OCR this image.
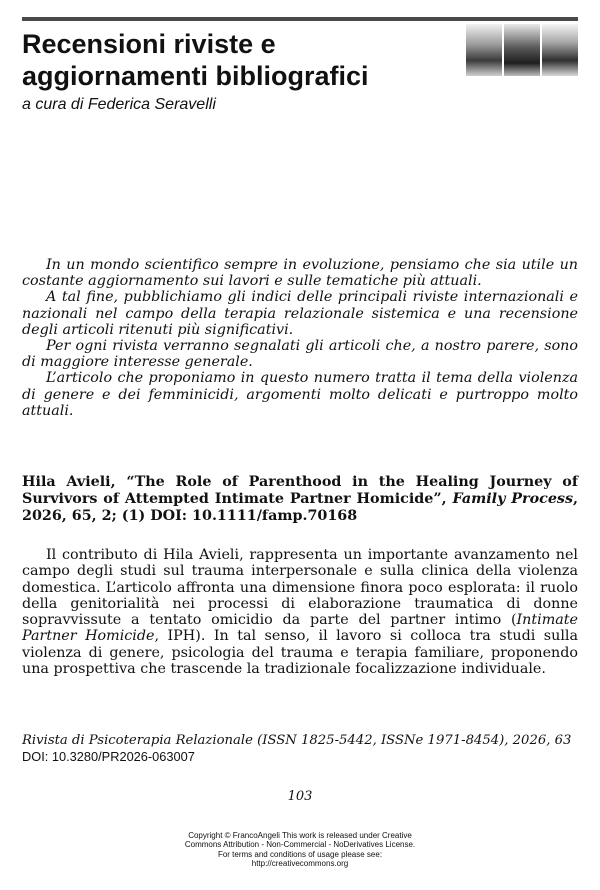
Recensioni riviste e
aggiornamenti bibliografici
a cura di Federica Seravelli

In un mondo scientifico sempre in evoluzione, pensiamo che sia utile un costante aggiornamento sui lavori e sulle tematiche più attuali.

A tal fine, pubblichiamo gli indici delle principali riviste internazionali e nazionali nel campo della terapia relazionale sistemica e una recensione degli articoli ritenuti più significativi.

Per ogni rivista verranno segnalati gli articoli che, a nostro parere, sono di maggiore interesse generale.

L’articolo che proponiamo in questo numero tratta il tema della violenza di genere e dei femminicidi, argomenti molto delicati e purtroppo molto attuali.

Hila Avieli, “The Role of Parenthood in the Healing Journey of Survivors of Attempted Intimate Partner Homicide”, Family Process, 2026, 65, 2; (1) DOI: 10.1111/famp.70168

Il contributo di Hila Avieli, rappresenta un importante avanzamento nel campo degli studi sul trauma interpersonale e sulla clinica della violenza domestica. L’articolo affronta una dimensione finora poco esplorata: il ruolo della genitorialità nei processi di elaborazione traumatica di donne sopravvissute a tentato omicidio da parte del partner intimo (Intimate Partner Homicide, IPH). In tal senso, il lavoro si colloca tra studi sulla violenza di genere, psicologia del trauma e terapia familiare, proponendo una prospettiva che trascende la tradizionale focalizzazione individuale.

Rivista di Psicoterapia Relazionale (ISSN 1825-5442, ISSNe 1971-8454), 2026, 63
DOI: 10.3280/PR2026-063007
103
Copyright © FrancoAngeli This work is released under Creative
Commons Attribution - Non-Commercial - NoDerivatives License.
For terms and conditions of usage please see:
http://creativecommons.org
